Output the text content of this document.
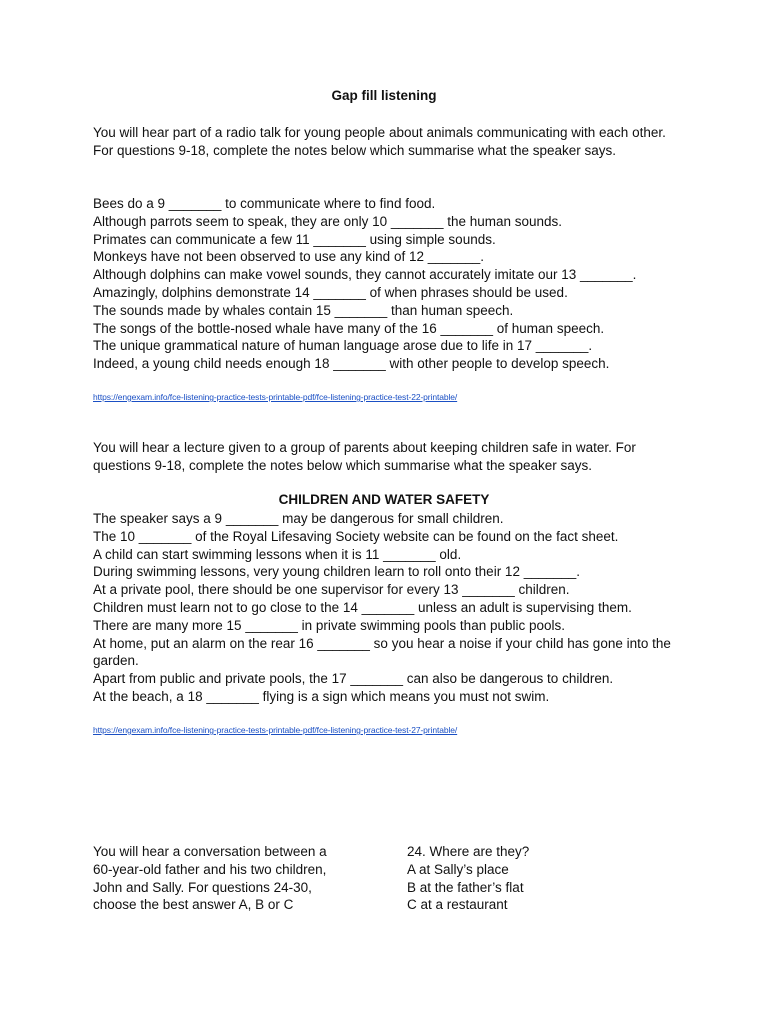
Gap fill listening

You will hear part of a radio talk for young people about animals communicating with each other. For questions 9-18, complete the notes below which summarise what the speaker says.

Bees do a 9 _______ to communicate where to find food.
Although parrots seem to speak, they are only 10 _______ the human sounds.
Primates can communicate a few 11 _______ using simple sounds.
Monkeys have not been observed to use any kind of 12 _______.
Although dolphins can make vowel sounds, they cannot accurately imitate our 13 _______.
Amazingly, dolphins demonstrate 14 _______ of when phrases should be used.
The sounds made by whales contain 15 _______ than human speech.
The songs of the bottle-nosed whale have many of the 16 _______ of human speech.
The unique grammatical nature of human language arose due to life in 17 _______.
Indeed, a young child needs enough 18 _______ with other people to develop speech.
https://engexam.info/fce-listening-practice-tests-printable-pdf/fce-listening-practice-test-22-printable/

You will hear a lecture given to a group of parents about keeping children safe in water. For questions 9-18, complete the notes below which summarise what the speaker says.

CHILDREN AND WATER SAFETY
The speaker says a 9 _______ may be dangerous for small children.
The 10 _______ of the Royal Lifesaving Society website can be found on the fact sheet.
A child can start swimming lessons when it is 11 _______ old.
During swimming lessons, very young children learn to roll onto their 12 _______.
At a private pool, there should be one supervisor for every 13 _______ children.
Children must learn not to go close to the 14 _______ unless an adult is supervising them.
There are many more 15 _______ in private swimming pools than public pools.
At home, put an alarm on the rear 16 _______ so you hear a noise if your child has gone into the garden.
Apart from public and private pools, the 17 _______ can also be dangerous to children.
At the beach, a 18 _______ flying is a sign which means you must not swim.
https://engexam.info/fce-listening-practice-tests-printable-pdf/fce-listening-practice-test-27-printable/
You will hear a conversation between a
60-year-old father and his two children,
John and Sally. For questions 24-30,
choose the best answer A, B or C
24. Where are they?
A at Sally’s place
B at the father’s flat
C at a restaurant
